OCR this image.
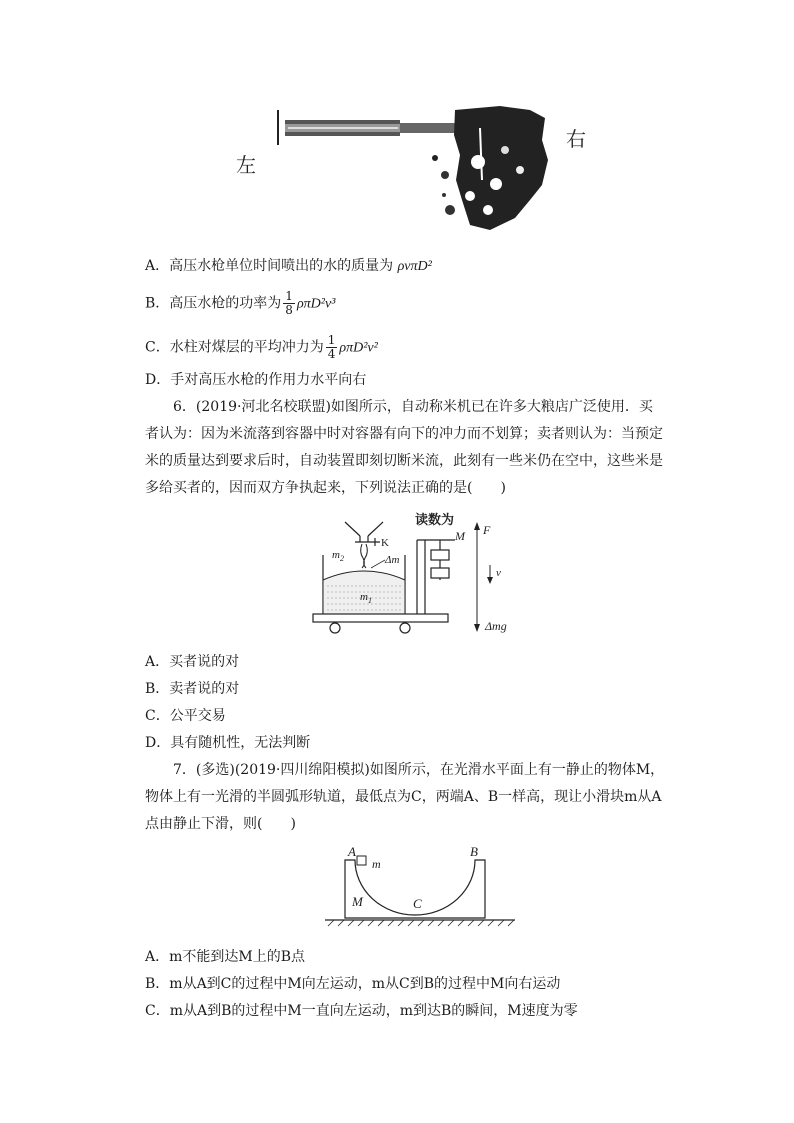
左
右
A．高压水枪单位时间喷出的水的质量为 ρvπD²
B．高压水枪的功率为 $\frac{1}{8} \rho\pi D^2v^3$
C．水柱对煤层的平均冲力为 $\frac{1}{4} \rho\pi D^2v^2$
D．手对高压水枪的作用力水平向右
6．(2019·河北名校联盟)如图所示，自动称米机已在许多大粮店广泛使用．买者认为：因为米流落到容器中时对容器有向下的冲力而不划算；卖者则认为：当预定米的质量达到要求后时，自动装置即刻切断米流，此刻有一些米仍在空中，这些米是多给买者的，因而双方争执起来，下列说法正确的是(　　)
K
$m_2$	Δm
$m_1$
读数为
M F
v
Δmg
A．买者说的对
B．卖者说的对
C．公平交易
D．具有随机性，无法判断
7．(多选)(2019·四川绵阳模拟)如图所示，在光滑水平面上有一静止的物体M，物体上有一光滑的半圆弧形轨道，最低点为C，两端A、B一样高，现让小滑块m从A点由静止下滑，则(　　)
A
m
B
C
M
A．m不能到达M上的B点
B．m从A到C的过程中M向左运动，m从C到B的过程中M向右运动
C．m从A到B的过程中M一直向左运动，m到达B的瞬间，M速度为零
